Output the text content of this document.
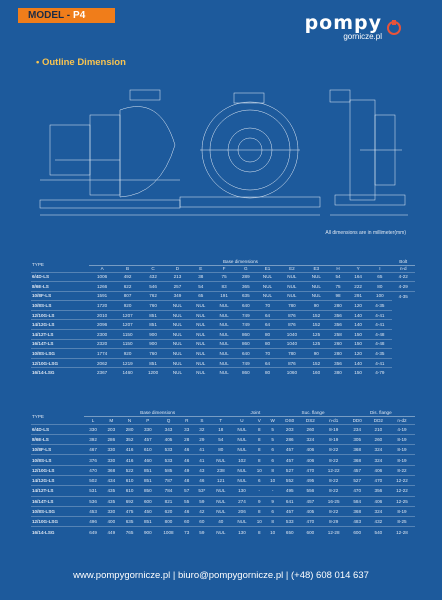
MODEL - P4	pompy
gornicze.pl
• Outline Dimension
All dimensions are in millimeter(mm)
TYPE	Base dimensions													Bolt
	A	B	C	D	E	F	G	E1	E2	E3	H	Y	I	n-d
6/4D-LS	1006	492	432	213	38	75	289	NUL	NUL	NUL	54	164	65	4-22
8/6E-LS	1266	622	546	257	54	83	365	NUL	NUL	NUL	75	222	80	4-29
10/8F-LS	1591	807	762	349	65	191	635	NUL	NUL	NUL	98	291	100	4-35
10/8S-LS	1720	920	760	NUL	NUL	NUL	640	70	780	90	280	120	4-35	
12/10G-LS	2010	1207	851	NUL	NUL	NUL	749	64	876	152	356	140	4-41	
14/12G-LS	2096	1207	851	NUL	NUL	NUL	749	64	876	152	356	140	4-41	
14/12T-LS	2300	1150	900	NUL	NUL	NUL	860	80	1040	125	258	150	4-48	
16/14T-LS	2320	1150	900	NUL	NUL	NUL	860	80	1040	125	260	150	4-48	
10/8S-LSG	1774	920	760	NUL	NUL	NUL	640	70	780	90	280	120	4-35	
12/10G-LSG	2062	1219	851	NUL	NUL	NUL	749	64	876	152	356	140	4-41	
16/14-LSG	2367	1460	1200	NUL	NUL	NUL	860	80	1060	160	380	150	4-79	
TYPE	Base dimensions								Joint			Suc. flange			Dis. flange		
	L	M	N	P	Q	R	S	T	U	V	W	DS0	DS2	n-d1	DD0	DD2	n-d2
6/4D-LS	330	203	280	330	343	33	32	18	NUL	8	5	203	260	8-19	234	210	4-19
8/6E-LS	392	286	352	457	405	28	29	54	NUL	8	5	286	324	8-19	305	260	8-19
10/8F-LS	467	330	416	610	533	46	41	80	NUL	8	6	457	406	8-22	368	324	8-19
10/8S-LS	376	330	416	460	533	46	41	NUL	102	8	6	457	406	8-22	368	324	8-19
12/10G-LS	470	368	522	851	585	49	43	238	NUL	10	8	527	470	12-22	457	406	8-22
14/12G-LS	502	434	610	851	787	48	46	121	NUL	6	10	552	495	8-22	527	470	12-22
14/12T-LS	531	435	610	850	784	57	53*	NUL	130	-	-	495	556	8-22	470	356	12-22
16/14T-LS	536	435	692	600	821	55	59	NUL	274	9	9	641	457	16-25	584	406	12-25
10/8S-LSG	453	330	475	450	620	46	42	NUL	206	8	6	457	405	8-22	368	324	8-19
12/10G-LSG	496	400	635	851	800	60	60	40	NUL	10	8	533	470	8-29	483	432	8-25
16/14-LSG	649	449	765	900	1008	73	59	NUL	130	8	10	650	600	12-28	600	540	12-28
www.pompygornicze.pl | biuro@pompygornicze.pl | (+48) 608 014 637
